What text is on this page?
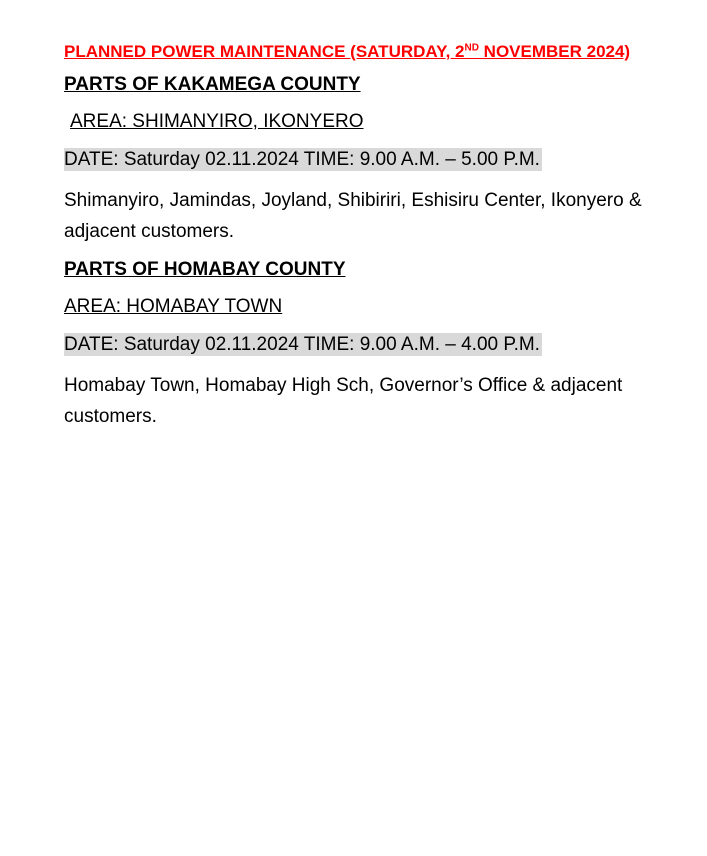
PLANNED POWER MAINTENANCE (SATURDAY, 2ND NOVEMBER 2024)
PARTS OF KAKAMEGA COUNTY
AREA: SHIMANYIRO, IKONYERO
DATE: Saturday 02.11.2024 TIME: 9.00 A.M. – 5.00 P.M.
Shimanyiro, Jamindas, Joyland, Shibiriri, Eshisiru Center, Ikonyero & adjacent customers.
PARTS OF HOMABAY COUNTY
AREA: HOMABAY TOWN
DATE: Saturday 02.11.2024 TIME: 9.00 A.M. – 4.00 P.M.
Homabay Town, Homabay High Sch, Governor’s Office & adjacent customers.
